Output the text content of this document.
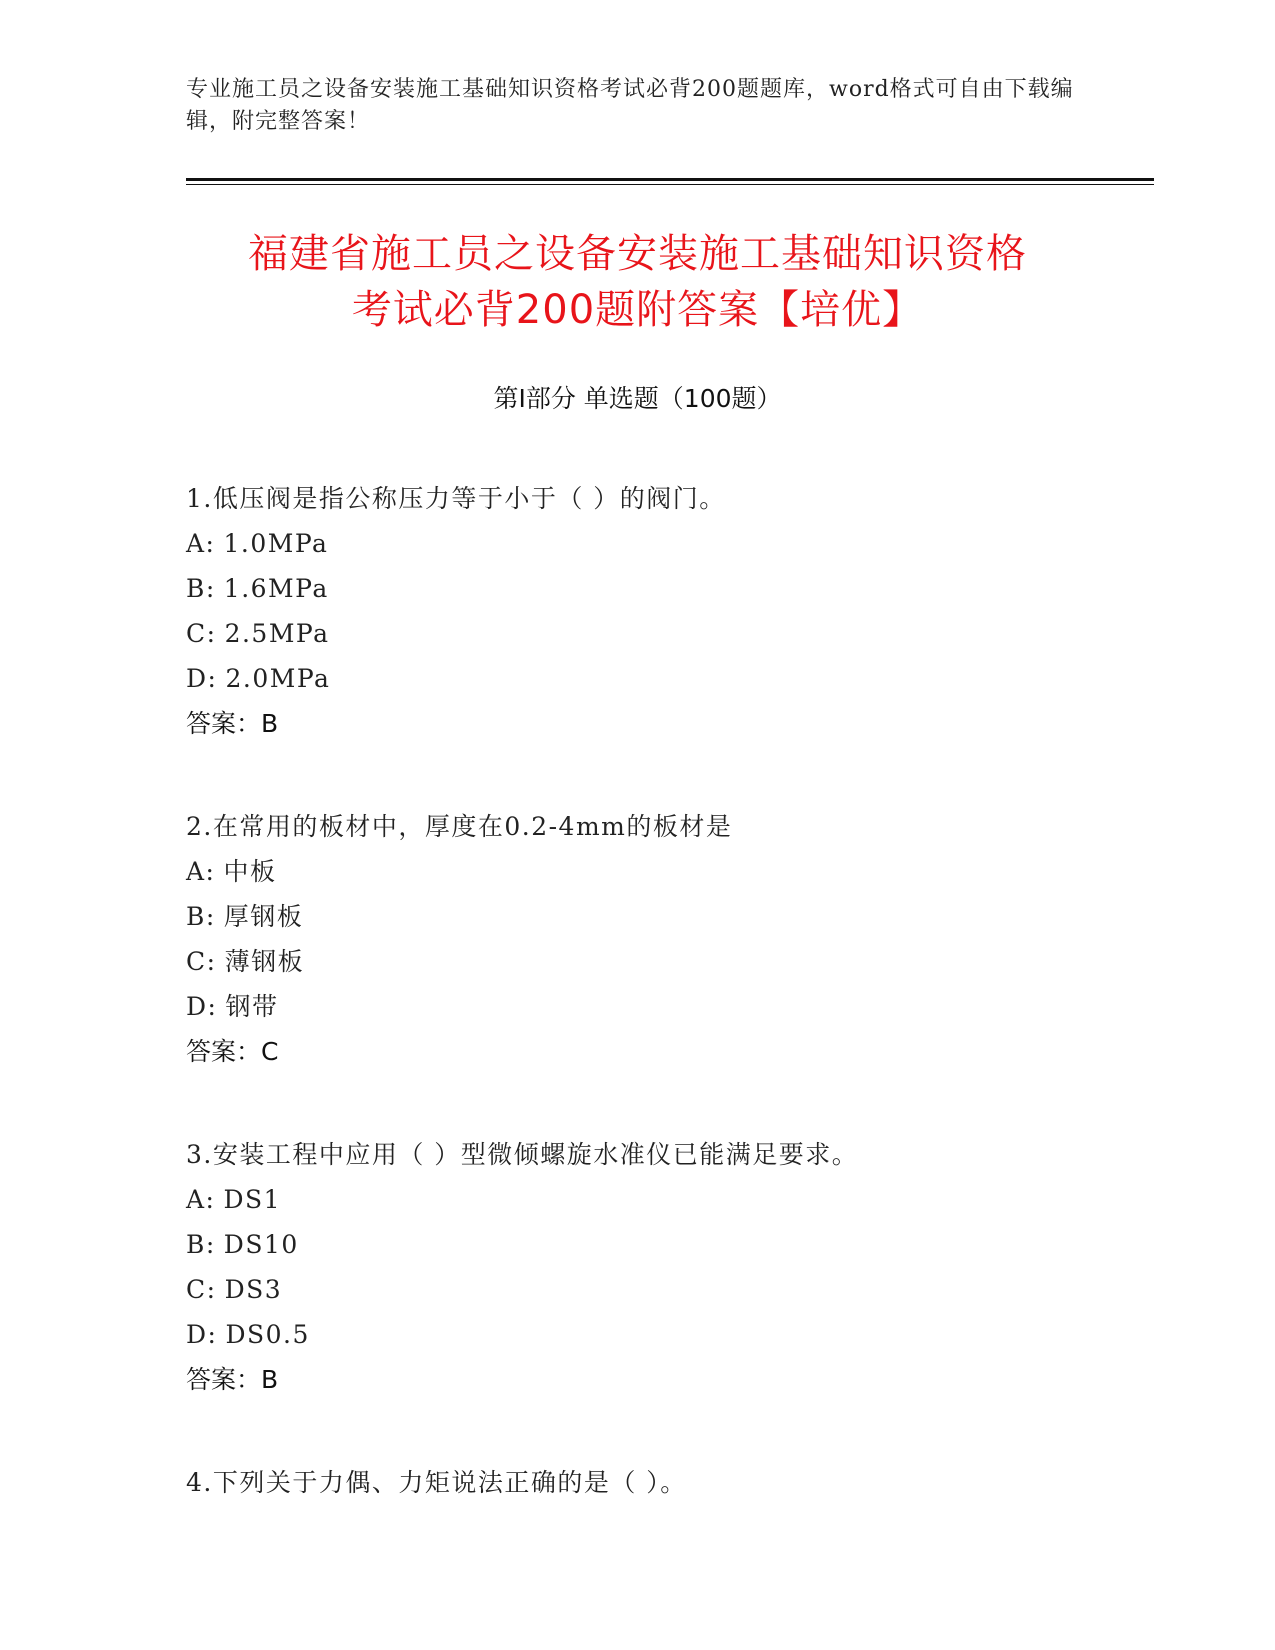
专业施工员之设备安装施工基础知识资格考试必背200题题库，word格式可自由下载编辑，附完整答案！
福建省施工员之设备安装施工基础知识资格
考试必背200题附答案【培优】
第I部分 单选题（100题）
1.低压阀是指公称压力等于小于（ ）的阀门。
A: 1.0MPa
B: 1.6MPa
C: 2.5MPa
D: 2.0MPa
答案：B
2.在常用的板材中，厚度在0.2-4mm的板材是
A: 中板
B: 厚钢板
C: 薄钢板
D: 钢带
答案：C
3.安装工程中应用（ ）型微倾螺旋水准仪已能满足要求。
A: DS1
B: DS10
C: DS3
D: DS0.5
答案：B
4.下列关于力偶、力矩说法正确的是（ ）。
